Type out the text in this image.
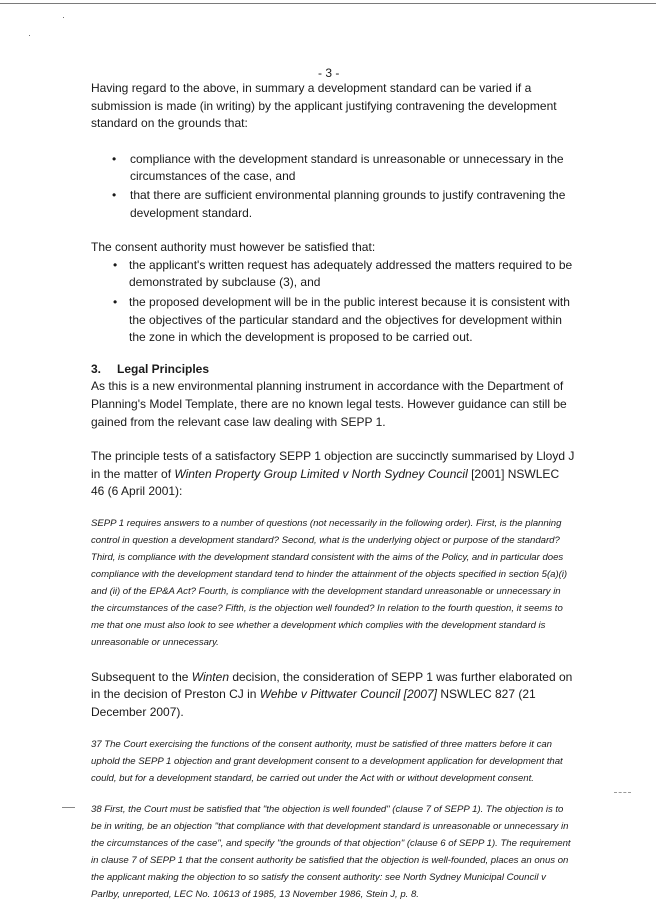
·
·
- 3 -

Having regard to the above, in summary a development standard can be varied if a submission is made (in writing) by the applicant justifying contravening the development standard on the grounds that:

• compliance with the development standard is unreasonable or unnecessary in the circumstances of the case, and
• that there are sufficient environmental planning grounds to justify contravening the development standard.

The consent authority must however be satisfied that:

• the applicant's written request has adequately addressed the matters required to be demonstrated by subclause (3), and
• the proposed development will be in the public interest because it is consistent with the objectives of the particular standard and the objectives for development within the zone in which the development is proposed to be carried out.

3. Legal Principles

As this is a new environmental planning instrument in accordance with the Department of Planning's Model Template, there are no known legal tests. However guidance can still be gained from the relevant case law dealing with SEPP 1.

The principle tests of a satisfactory SEPP 1 objection are succinctly summarised by Lloyd J in the matter of Winten Property Group Limited v North Sydney Council [2001] NSWLEC 46 (6 April 2001):

SEPP 1 requires answers to a number of questions (not necessarily in the following order). First, is the planning control in question a development standard? Second, what is the underlying object or purpose of the standard? Third, is compliance with the development standard consistent with the aims of the Policy, and in particular does compliance with the development standard tend to hinder the attainment of the objects specified in section 5(a)(i) and (ii) of the EP&A Act? Fourth, is compliance with the development standard unreasonable or unnecessary in the circumstances of the case? Fifth, is the objection well founded? In relation to the fourth question, it seems to me that one must also look to see whether a development which complies with the development standard is unreasonable or unnecessary.

Subsequent to the Winten decision, the consideration of SEPP 1 was further elaborated on in the decision of Preston CJ in Wehbe v Pittwater Council [2007] NSWLEC 827 (21 December 2007).

37 The Court exercising the functions of the consent authority, must be satisfied of three matters before it can uphold the SEPP 1 objection and grant development consent to a development application for development that could, but for a development standard, be carried out under the Act with or without development consent.

38 First, the Court must be satisfied that "the objection is well founded" (clause 7 of SEPP 1). The objection is to be in writing, be an objection "that compliance with that development standard is unreasonable or unnecessary in the circumstances of the case", and specify "the grounds of that objection" (clause 6 of SEPP 1). The requirement in clause 7 of SEPP 1 that the consent authority be satisfied that the objection is well-founded, places an onus on the applicant making the objection to so satisfy the consent authority: see North Sydney Municipal Council v Parlby, unreported, LEC No. 10613 of 1985, 13 November 1986, Stein J, p. 8.
